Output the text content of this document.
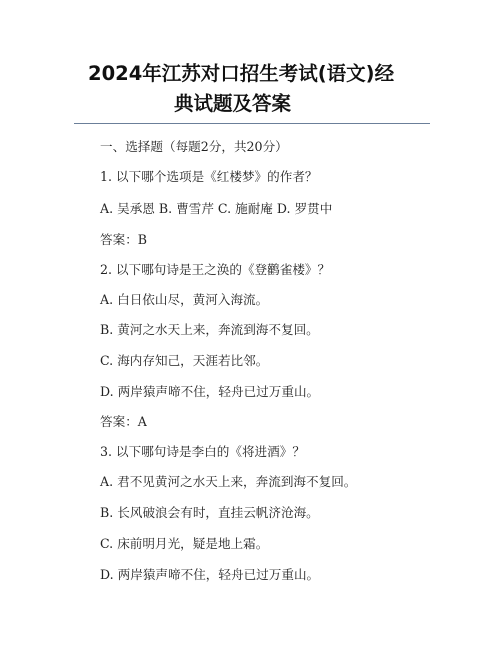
2024年江苏对口招生考试(语文)经
典试题及答案
一、选择题（每题2分，共20分）
1. 以下哪个选项是《红楼梦》的作者？
A. 吴承恩 B. 曹雪芹 C. 施耐庵 D. 罗贯中
答案：B
2. 以下哪句诗是王之涣的《登鹳雀楼》？
A. 白日依山尽，黄河入海流。
B. 黄河之水天上来，奔流到海不复回。
C. 海内存知己，天涯若比邻。
D. 两岸猿声啼不住，轻舟已过万重山。
答案：A
3. 以下哪句诗是李白的《将进酒》？
A. 君不见黄河之水天上来，奔流到海不复回。
B. 长风破浪会有时，直挂云帆济沧海。
C. 床前明月光，疑是地上霜。
D. 两岸猿声啼不住，轻舟已过万重山。
